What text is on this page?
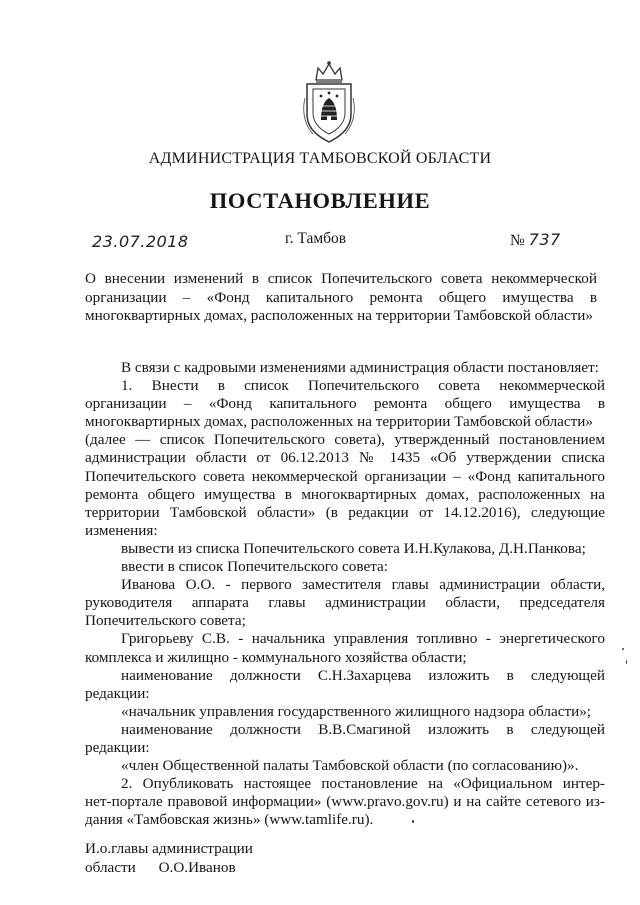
АДМИНИСТРАЦИЯ ТАМБОВСКОЙ ОБЛАСТИ
ПОСТАНОВЛЕНИЕ
23.07.2018	г. Тамбов	№ 737
О внесении изменений в список Попечительского совета некоммерческой
организации – «Фонд капитального ремонта общего имущества в
многоквартирных домах, расположенных на территории Тамбовской области»
В связи с кадровыми изменениями администрация области постановляет:
1. Внести в список Попечительского совета некоммерческой
организации – «Фонд капитального ремонта общего имущества в
многоквартирных домах, расположенных на территории Тамбовской области»
(далее — список Попечительского совета), утвержденный постановлением
администрации области от 06.12.2013 № 1435 «Об утверждении списка
Попечительского совета некоммерческой организации – «Фонд капитального
ремонта общего имущества в многоквартирных домах, расположенных на
территории Тамбовской области» (в редакции от 14.12.2016), следующие
изменения:
вывести из списка Попечительского совета И.Н.Кулакова, Д.Н.Панкова;
ввести в список Попечительского совета:
Иванова О.О. - первого заместителя главы администрации области,
руководителя аппарата главы администрации области, председателя
Попечительского совета;
Григорьеву С.В. - начальника управления топливно - энергетического
комплекса и жилищно - коммунального хозяйства области;
наименование должности С.Н.Захарцева изложить в следующей
редакции:
«начальник управления государственного жилищного надзора области»;
наименование должности В.В.Смагиной изложить в следующей
редакции:
«член Общественной палаты Тамбовской области (по согласованию)».
2. Опубликовать настоящее постановление на «Официальном интер-
нет-портале правовой информации» (www.pravo.gov.ru) и на сайте сетевого из-
дания «Тамбовская жизнь» (www.tamlife.ru).
И.о.главы администрации
области О.О.Иванов
